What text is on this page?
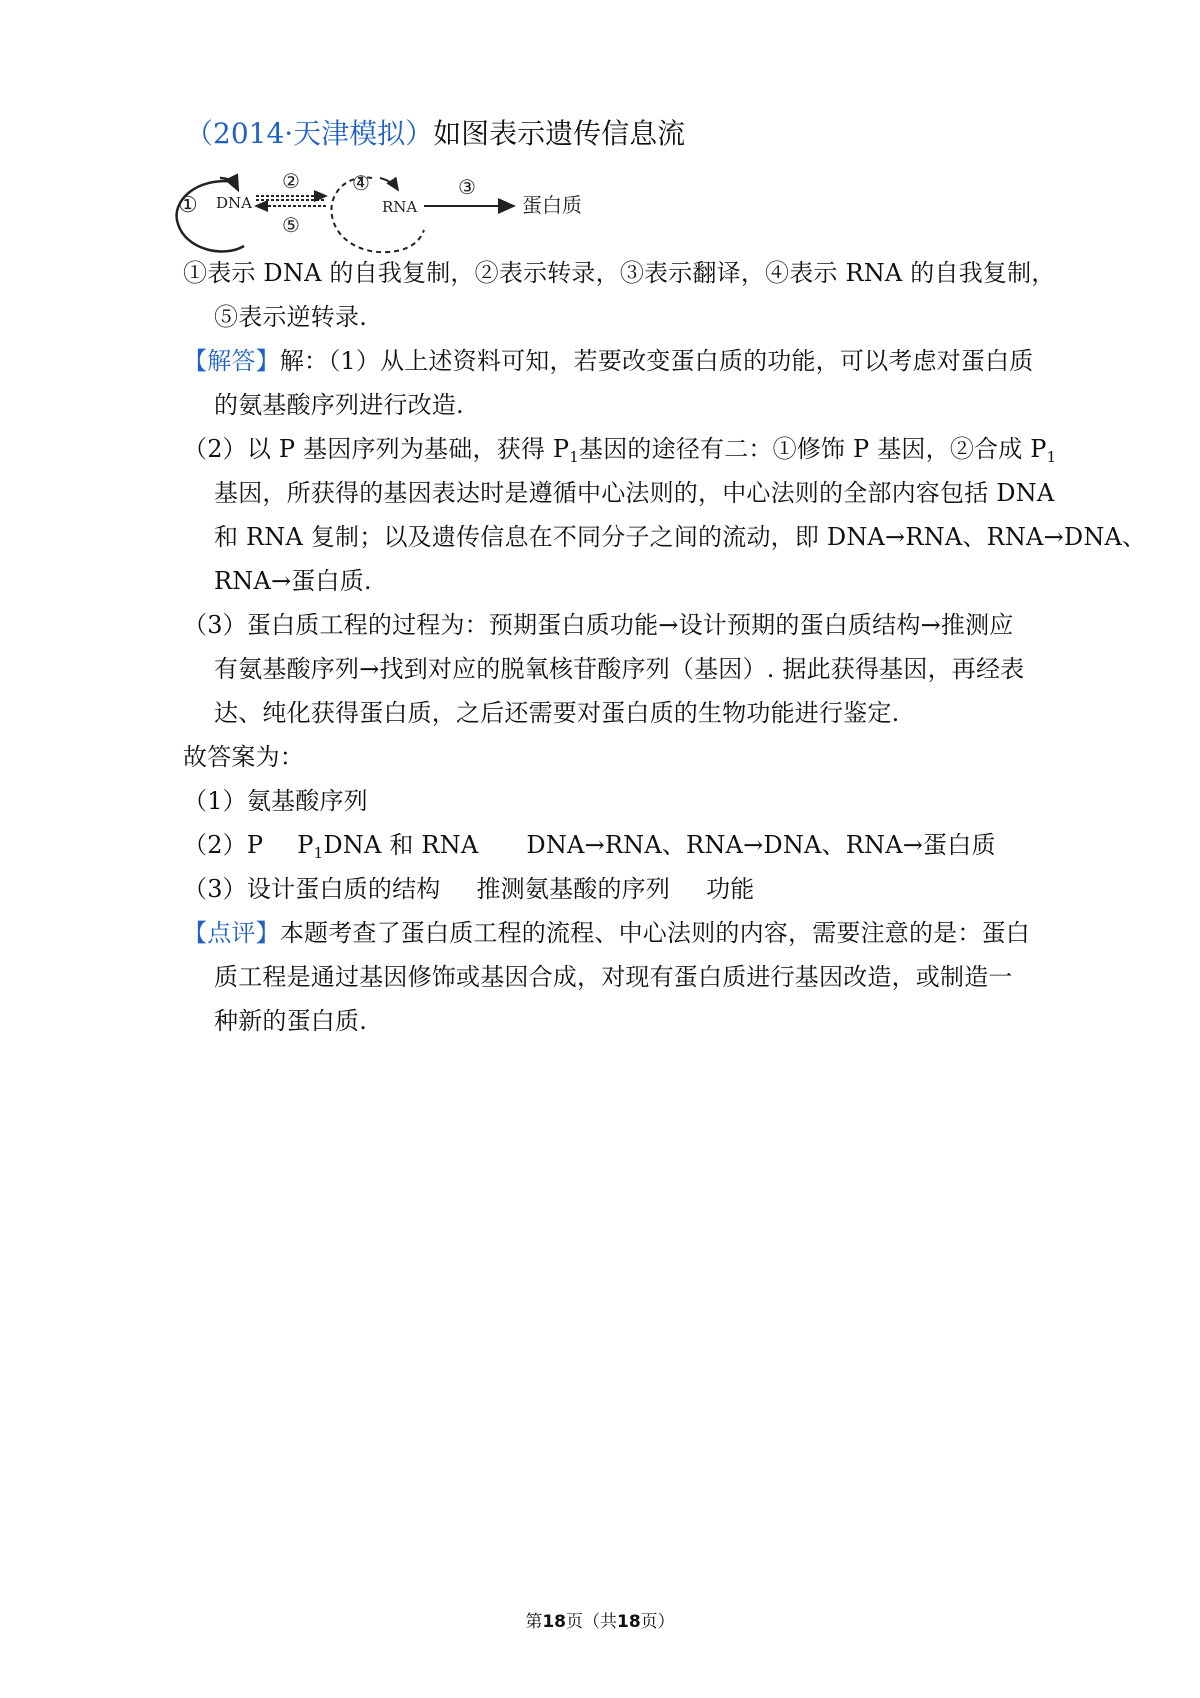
（2014·天津模拟）如图表示遗传信息流
① DNA
②
⑤
④
RNA
③
蛋白质
①表示 DNA 的自我复制，②表示转录，③表示翻译，④表示 RNA 的自我复制，
⑤表示逆转录.
【解答】解：（1）从上述资料可知，若要改变蛋白质的功能，可以考虑对蛋白质
的氨基酸序列进行改造.
（2）以 P 基因序列为基础，获得 $P_1$基因的途径有二：①修饰 P 基因，②合成 $P_1$
基因，所获得的基因表达时是遵循中心法则的，中心法则的全部内容包括 DNA
和 RNA 复制；以及遗传信息在不同分子之间的流动，即 DNA→RNA、RNA→DNA、
RNA→蛋白质.
（3）蛋白质工程的过程为：预期蛋白质功能→设计预期的蛋白质结构→推测应
有氨基酸序列→找到对应的脱氧核苷酸序列（基因）. 据此获得基因，再经表
达、纯化获得蛋白质，之后还需要对蛋白质的生物功能进行鉴定.
故答案为：
（1）氨基酸序列
（2）P $P_1DNA$ 和 RNA DNA→RNA、RNA→DNA、RNA→蛋白质
（3）设计蛋白质的结构 推测氨基酸的序列 功能
【点评】本题考查了蛋白质工程的流程、中心法则的内容，需要注意的是：蛋白
质工程是通过基因修饰或基因合成，对现有蛋白质进行基因改造，或制造一
种新的蛋白质.
第18页（共18页）
